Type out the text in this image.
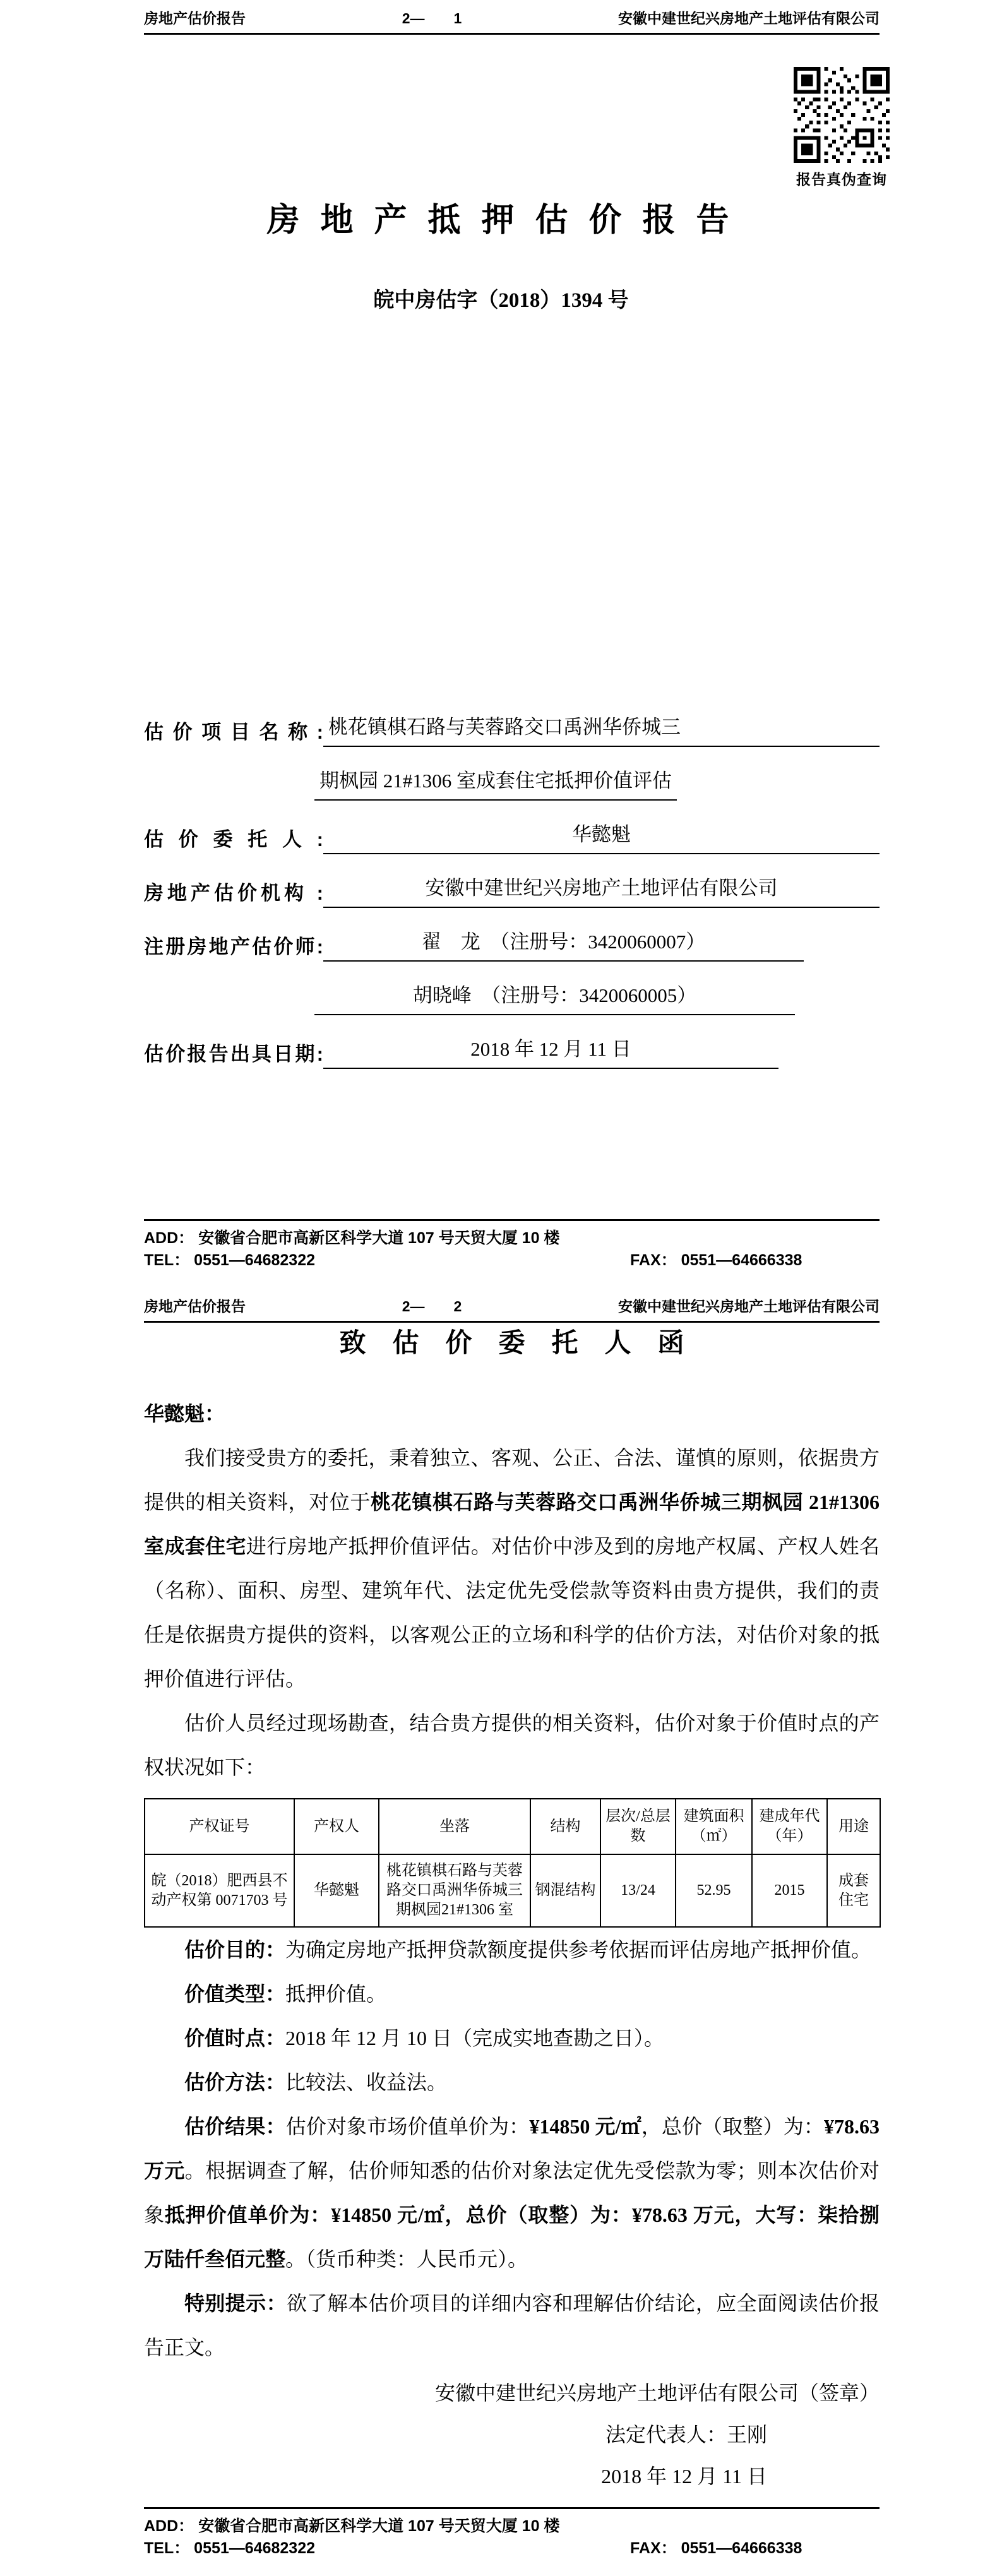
房地产估价报告	2—　　1	安徽中建世纪兴房地产土地评估有限公司
报告真伪查询
房 地 产 抵 押 估 价 报 告
皖中房估字（2018）1394 号
估 价 项 目 名 称 : 桃花镇棋石路与芙蓉路交口禹洲华侨城三
期枫园 21#1306 室成套住宅抵押价值评估
估 价 委 托 人 :	华懿魁
房地产估价机构 :	安徽中建世纪兴房地产土地评估有限公司
注册房地产估价师:	翟　龙　（注册号：3420060007）
胡晓峰　（注册号：3420060005）
估价报告出具日期:	2018 年 12 月 11 日
ADD： 安徽省合肥市高新区科学大道 107 号天贸大厦 10 楼
TEL： 0551—64682322	FAX： 0551—64666338
房地产估价报告	2—　　2	安徽中建世纪兴房地产土地评估有限公司
致　估　价　委　托　人　函
华懿魁：

我们接受贵方的委托，秉着独立、客观、公正、合法、谨慎的原则，依据贵方提供的相关资料，对位于桃花镇棋石路与芙蓉路交口禹洲华侨城三期枫园 21#1306 室成套住宅进行房地产抵押价值评估。对估价中涉及到的房地产权属、产权人姓名（名称）、面积、房型、建筑年代、法定优先受偿款等资料由贵方提供，我们的责任是依据贵方提供的资料，以客观公正的立场和科学的估价方法，对估价对象的抵押价值进行评估。

估价人员经过现场勘查，结合贵方提供的相关资料，估价对象于价值时点的产权状况如下：

产权证号	产权人	坐落	结构	层次/总层数	建筑面积（㎡）	建成年代（年）	用途
皖（2018）肥西县不动产权第 0071703 号	华懿魁	桃花镇棋石路与芙蓉路交口禹洲华侨城三期枫园21#1306 室	钢混结构	13/24	52.95	2015	成套住宅

估价目的：为确定房地产抵押贷款额度提供参考依据而评估房地产抵押价值。

价值类型：抵押价值。

价值时点：2018 年 12 月 10 日（完成实地查勘之日）。

估价方法：比较法、收益法。

估价结果：估价对象市场价值单价为：¥14850 元/㎡，总价（取整）为：¥78.63 万元。根据调查了解，估价师知悉的估价对象法定优先受偿款为零；则本次估价对象抵押价值单价为：¥14850 元/㎡，总价（取整）为：¥78.63 万元，大写：柒拾捌万陆仟叁佰元整。（货币种类：人民币元）。

特别提示：欲了解本估价项目的详细内容和理解估价结论，应全面阅读估价报告正文。

安徽中建世纪兴房地产土地评估有限公司（签章）
法定代表人：王刚
2018 年 12 月 11 日
ADD： 安徽省合肥市高新区科学大道 107 号天贸大厦 10 楼
TEL： 0551—64682322	FAX： 0551—64666338
